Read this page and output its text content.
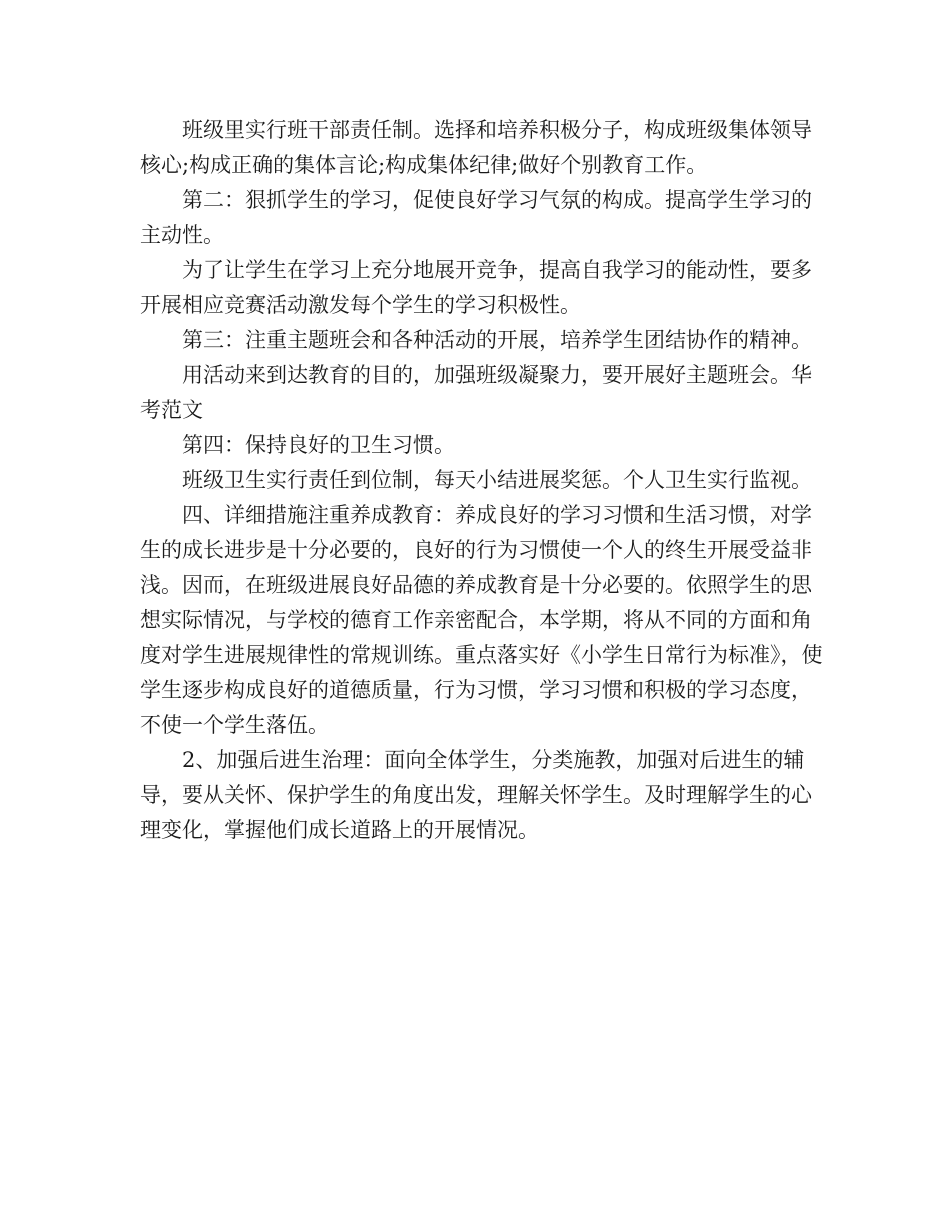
班级里实行班干部责任制。选择和培养积极分子，构成班级集体领导核心;构成正确的集体言论;构成集体纪律;做好个别教育工作。

第二：狠抓学生的学习，促使良好学习气氛的构成。提高学生学习的主动性。

为了让学生在学习上充分地展开竞争，提高自我学习的能动性，要多开展相应竞赛活动激发每个学生的学习积极性。

第三：注重主题班会和各种活动的开展，培养学生团结协作的精神。

用活动来到达教育的目的，加强班级凝聚力，要开展好主题班会。华考范文

第四：保持良好的卫生习惯。

班级卫生实行责任到位制，每天小结进展奖惩。个人卫生实行监视。

四、详细措施注重养成教育：养成良好的学习习惯和生活习惯，对学生的成长进步是十分必要的，良好的行为习惯使一个人的终生开展受益非浅。因而，在班级进展良好品德的养成教育是十分必要的。依照学生的思想实际情况，与学校的德育工作亲密配合，本学期，将从不同的方面和角度对学生进展规律性的常规训练。重点落实好《小学生日常行为标准》，使学生逐步构成良好的道德质量，行为习惯，学习习惯和积极的学习态度，不使一个学生落伍。

2、加强后进生治理：面向全体学生，分类施教，加强对后进生的辅导，要从关怀、保护学生的角度出发，理解关怀学生。及时理解学生的心理变化，掌握他们成长道路上的开展情况。
